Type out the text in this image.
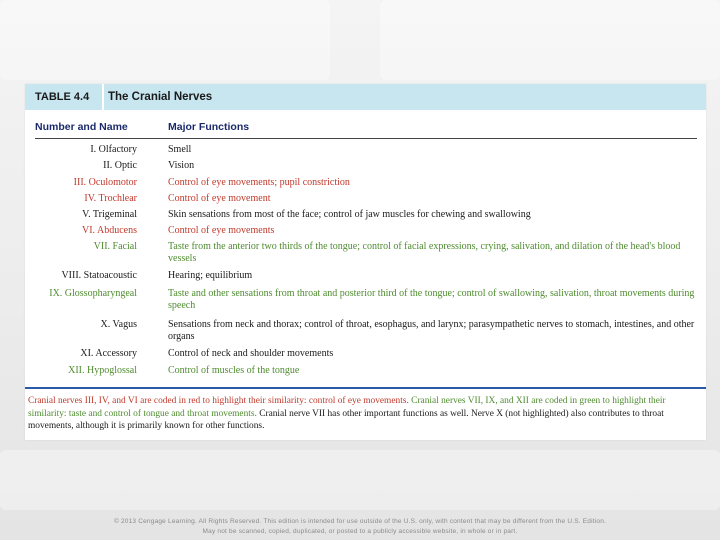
TABLE 4.4	The Cranial Nerves
Number and Name	Major Functions
I. Olfactory	Smell
II. Optic	Vision
III. Oculomotor	Control of eye movements; pupil constriction
IV. Trochlear	Control of eye movement
V. Trigeminal	Skin sensations from most of the face; control of jaw muscles for chewing and swallowing
VI. Abducens	Control of eye movements
VII. Facial	Taste from the anterior two thirds of the tongue; control of facial expressions, crying, salivation, and dilation of the head's blood vessels
VIII. Statoacoustic	Hearing; equilibrium
IX. Glossopharyngeal	Taste and other sensations from throat and posterior third of the tongue; control of swallowing, salivation, throat movements during speech
X. Vagus	Sensations from neck and thorax; control of throat, esophagus, and larynx; parasympathetic nerves to stomach, intestines, and other organs
XI. Accessory	Control of neck and shoulder movements
XII. Hypoglossal	Control of muscles of the tongue
Cranial nerves III, IV, and VI are coded in red to highlight their similarity: control of eye movements. Cranial nerves VII, IX, and XII are coded in green to highlight their similarity: taste and control of tongue and throat movements. Cranial nerve VII has other important functions as well. Nerve X (not highlighted) also contributes to throat movements, although it is primarily known for other functions.
© 2013 Cengage Learning. All Rights Reserved. This edition is intended for use outside of the U.S. only, with content that may be different from the U.S. Edition.
May not be scanned, copied, duplicated, or posted to a publicly accessible website, in whole or in part.
